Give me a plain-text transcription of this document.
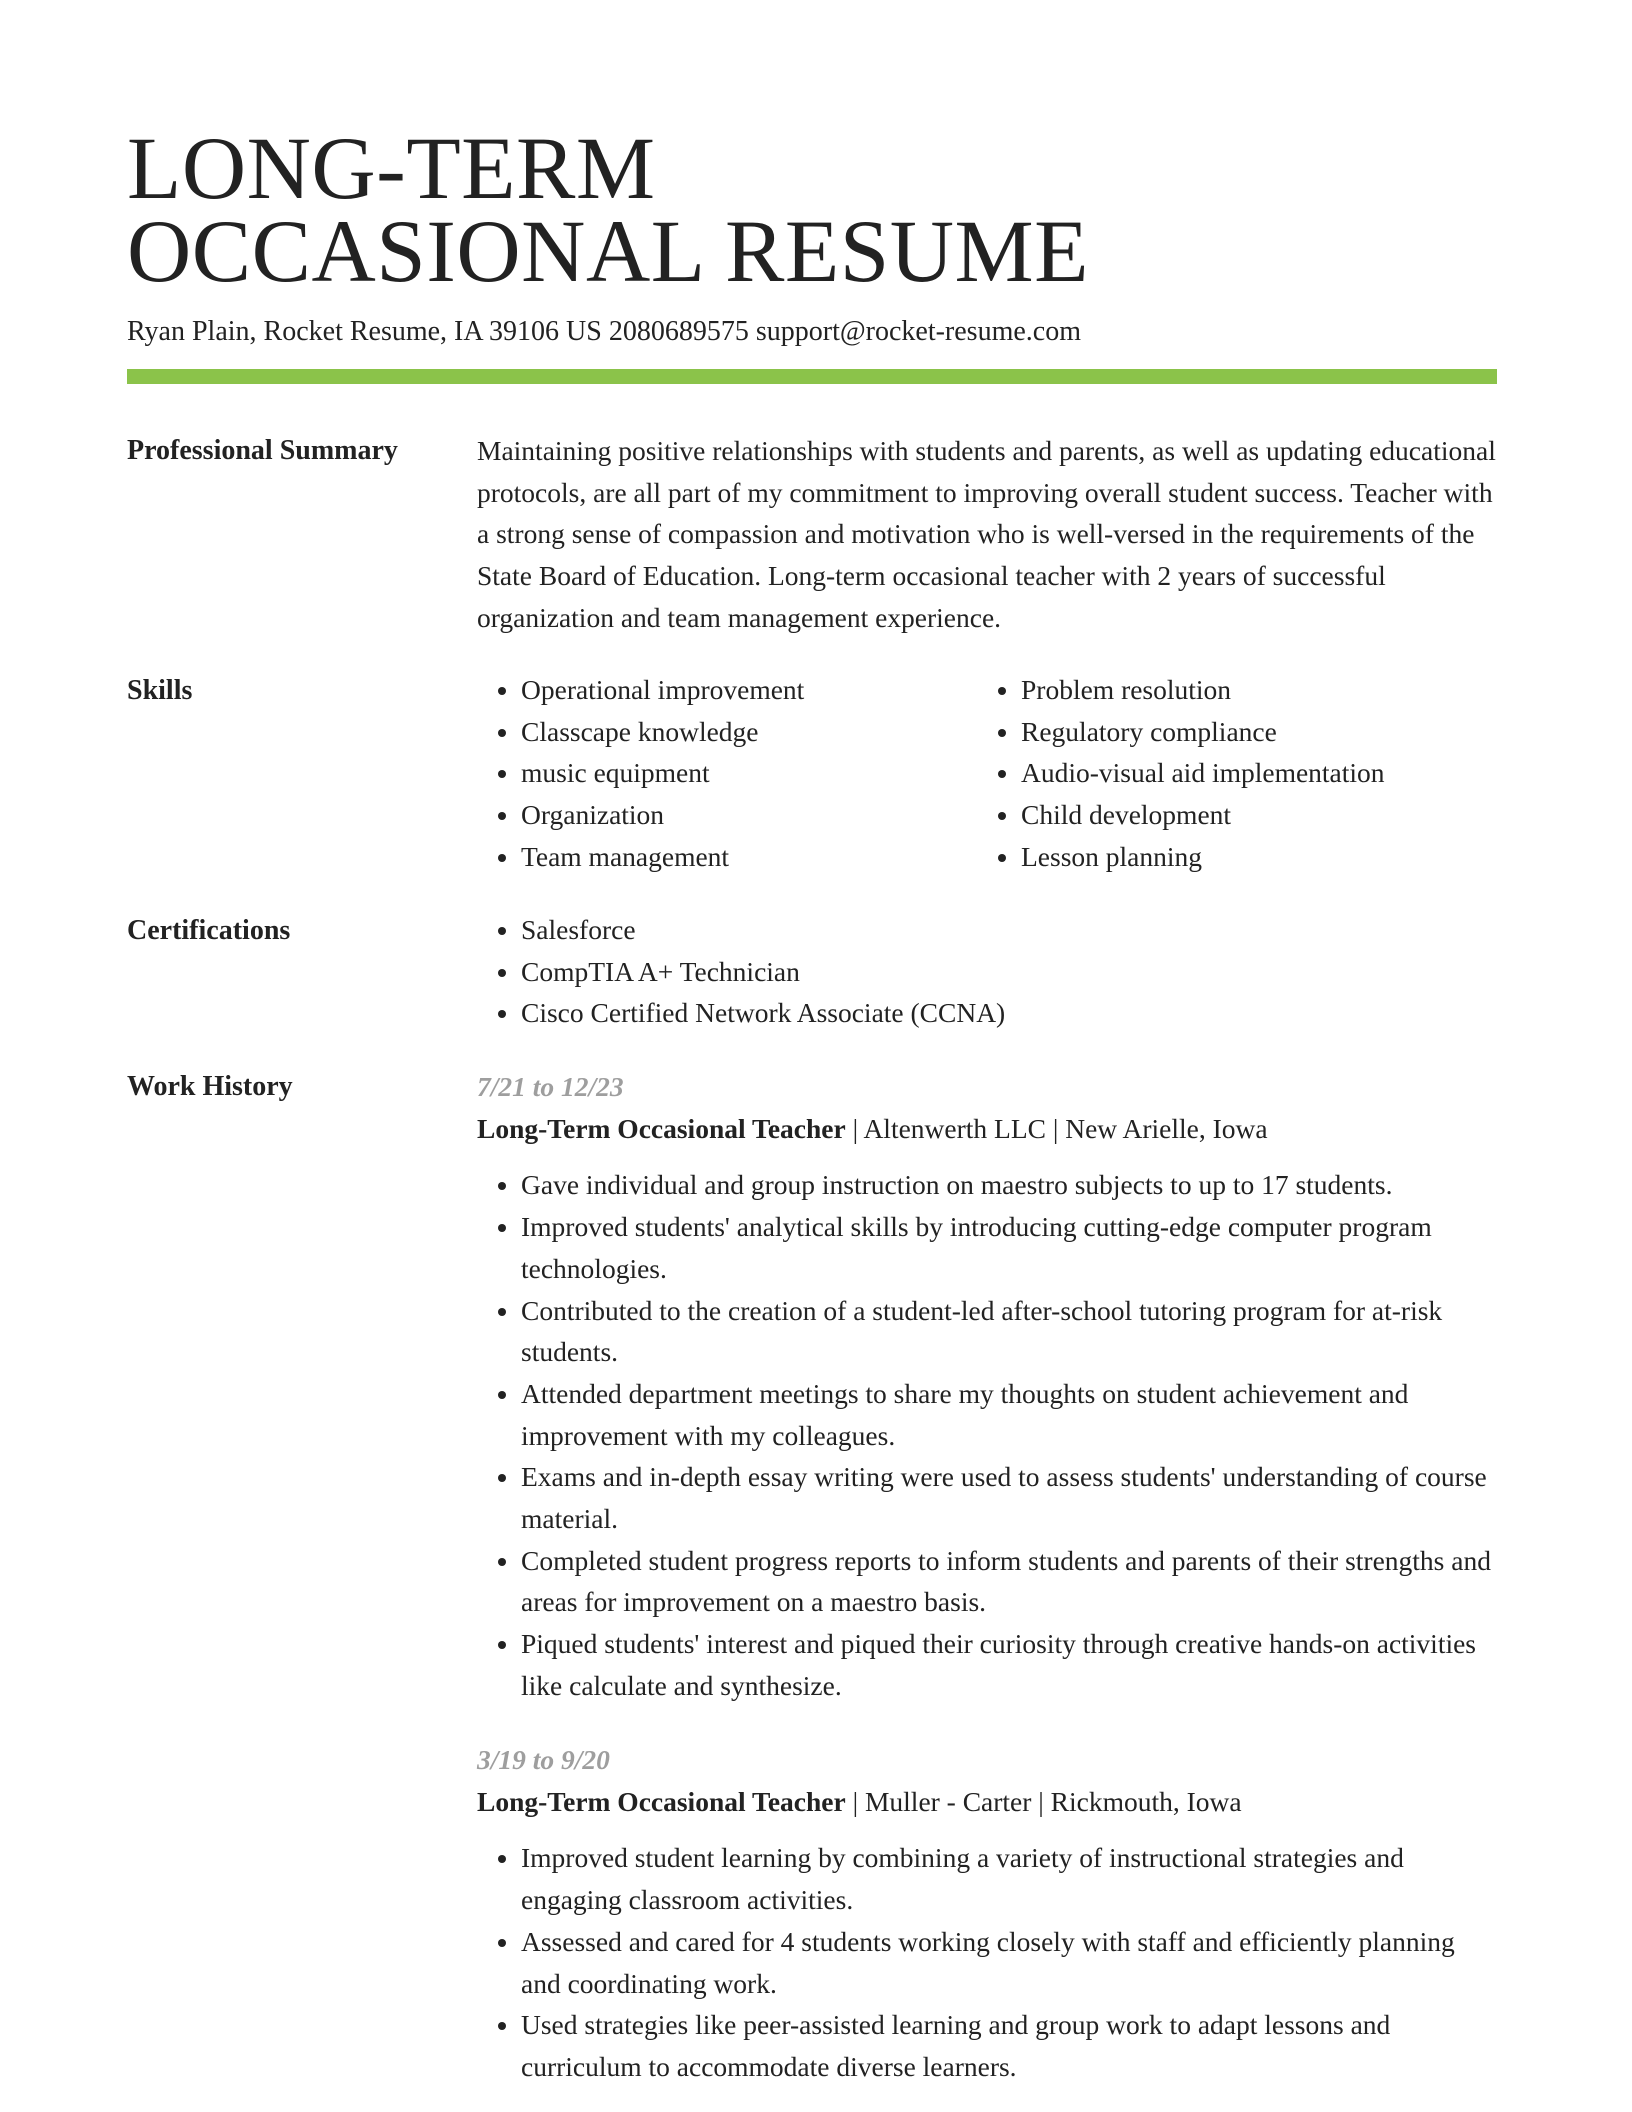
LONG-TERM
OCCASIONAL RESUME
Ryan Plain, Rocket Resume, IA 39106 US 2080689575 support@rocket-resume.com
Professional Summary	Maintaining positive relationships with students and parents, as well as updating educational protocols, are all part of my commitment to improving overall student success. Teacher with a strong sense of compassion and motivation who is well-versed in the requirements of the State Board of Education. Long-term occasional teacher with 2 years of successful organization and team management experience.
Skills	• Operational improvement
• Classcape knowledge
• music equipment
• Organization
• Team management
• Problem resolution
• Regulatory compliance
• Audio-visual aid implementation
• Child development
• Lesson planning
Certifications	• Salesforce
• CompTIA A+ Technician
• Cisco Certified Network Associate (CCNA)
Work History	7/21 to 12/23
Long-Term Occasional Teacher | Altenwerth LLC | New Arielle, Iowa
• Gave individual and group instruction on maestro subjects to up to 17 students.
• Improved students' analytical skills by introducing cutting-edge computer program technologies.
• Contributed to the creation of a student-led after-school tutoring program for at-risk students.
• Attended department meetings to share my thoughts on student achievement and improvement with my colleagues.
• Exams and in-depth essay writing were used to assess students' understanding of course material.
• Completed student progress reports to inform students and parents of their strengths and areas for improvement on a maestro basis.
• Piqued students' interest and piqued their curiosity through creative hands-on activities like calculate and synthesize.
3/19 to 9/20
Long-Term Occasional Teacher | Muller - Carter | Rickmouth, Iowa
• Improved student learning by combining a variety of instructional strategies and engaging classroom activities.
• Assessed and cared for 4 students working closely with staff and efficiently planning and coordinating work.
• Used strategies like peer-assisted learning and group work to adapt lessons and curriculum to accommodate diverse learners.
